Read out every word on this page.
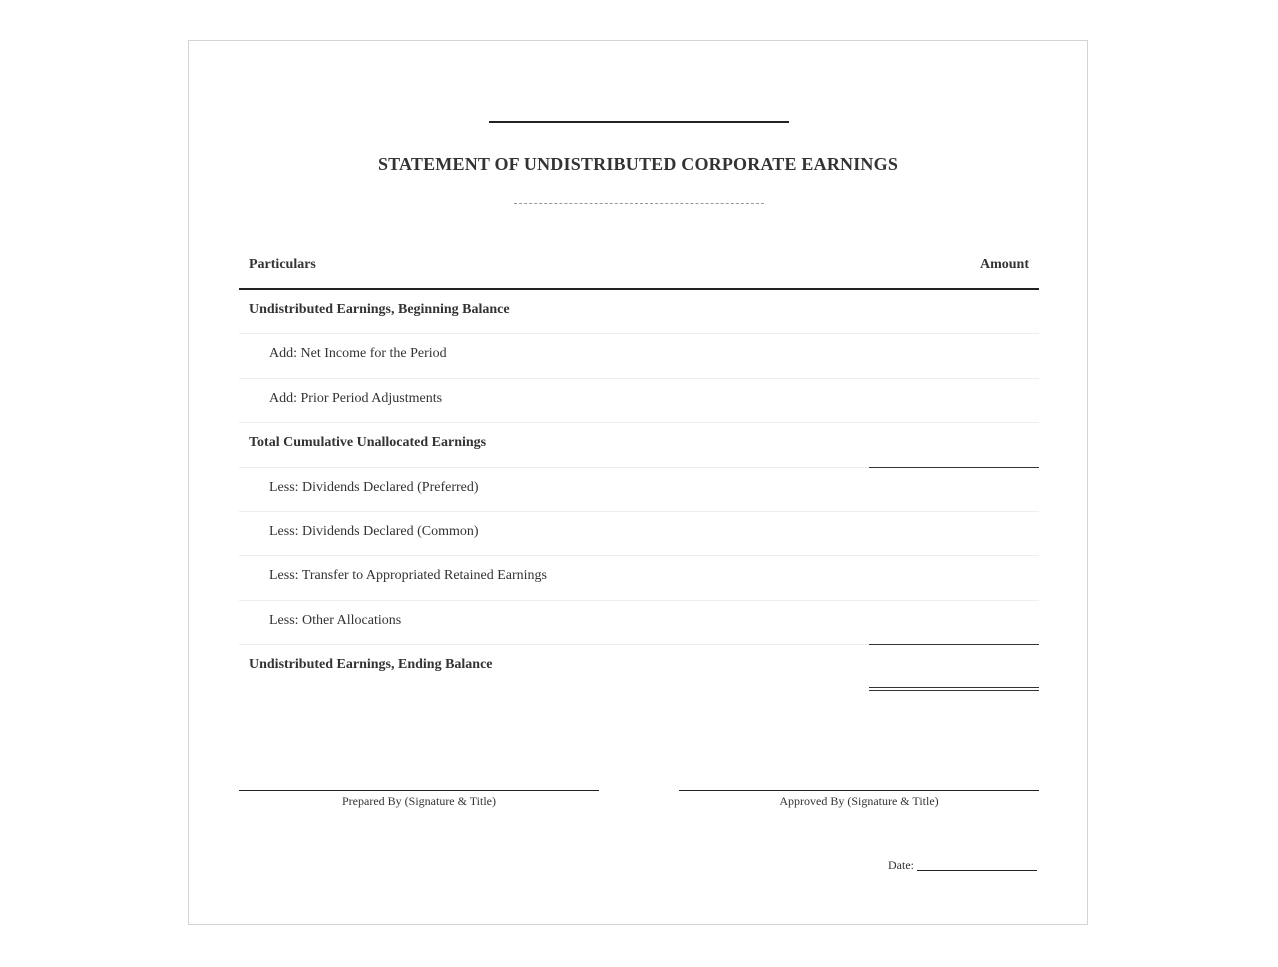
STATEMENT OF UNDISTRIBUTED CORPORATE EARNINGS
Particulars	Amount
Undistributed Earnings, Beginning Balance
Add: Net Income for the Period
Add: Prior Period Adjustments
Total Cumulative Unallocated Earnings
Less: Dividends Declared (Preferred)
Less: Dividends Declared (Common)
Less: Transfer to Appropriated Retained Earnings
Less: Other Allocations
Undistributed Earnings, Ending Balance
Prepared By (Signature & Title)	Approved By (Signature & Title)
Date:
